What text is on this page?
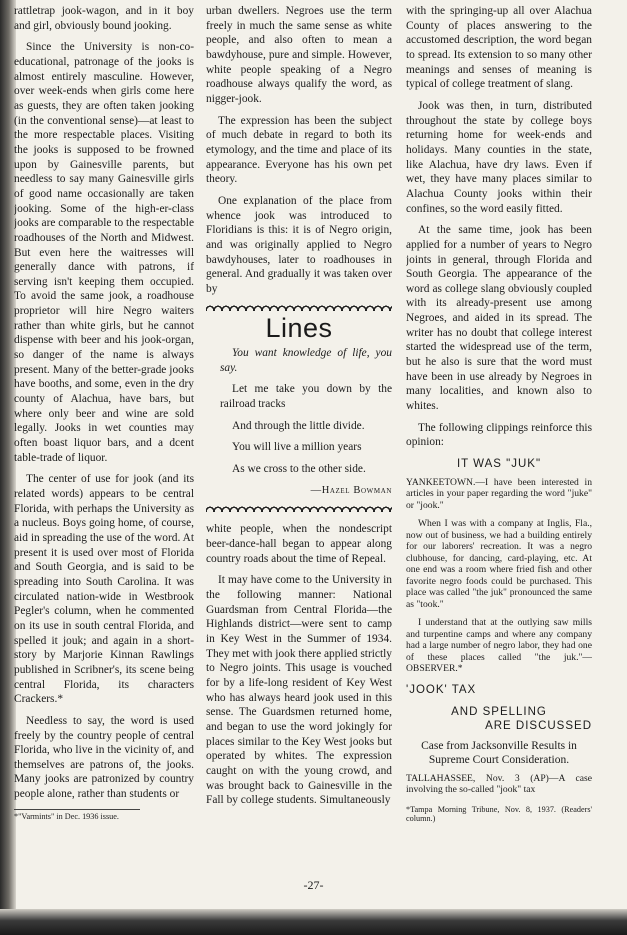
rattletrap jook-wagon, and in it boy and girl, obviously bound jooking.

Since the University is non-co-educational, patronage of the jooks is almost entirely masculine. However, over week-ends when girls come here as guests, they are often taken jooking (in the conventional sense)—at least to the more respectable places. Visiting the jooks is supposed to be frowned upon by Gainesville parents, but needless to say many Gainesville girls of good name occasionally are taken jooking. Some of the high-er-class jooks are comparable to the respectable roadhouses of the North and Midwest. But even here the waitresses will generally dance with patrons, if serving isn't keeping them occupied. To avoid the same jook, a roadhouse proprietor will hire Negro waiters rather than white girls, but he cannot dispense with beer and his jook-organ, so danger of the name is always present. Many of the better-grade jooks have booths, and some, even in the dry county of Alachua, have bars, but where only beer and wine are sold legally. Jooks in wet counties may often boast liquor bars, and a dcent table-trade of liquor.

The center of use for jook (and its related words) appears to be central Florida, with perhaps the University as a nucleus. Boys going home, of course, aid in spreading the use of the word. At present it is used over most of Florida and South Georgia, and is said to be spreading into South Carolina. It was circulated nation-wide in Westbrook Pegler's column, when he commented on its use in south central Florida, and spelled it jouk; and again in a short-story by Marjorie Kinnan Rawlings published in Scribner's, its scene being central Florida, its characters Crackers.*

Needless to say, the word is used freely by the country people of central Florida, who live in the vicinity of, and themselves are patrons of, the jooks. Many jooks are patronized by country people alone, rather than students or

*"Varmints" in Dec. 1936 issue.

urban dwellers. Negroes use the term freely in much the same sense as white people, and also often to mean a bawdyhouse, pure and simple. However, white people speaking of a Negro roadhouse always qualify the word, as nigger-jook.

The expression has been the subject of much debate in regard to both its etymology, and the time and place of its appearance. Everyone has his own pet theory.

One explanation of the place from whence jook was introduced to Floridians is this: it is of Negro origin, and was originally applied to Negro bawdyhouses, later to roadhouses in general. And gradually it was taken over by

Lines

You want knowledge of life, you say.

Let me take you down by the railroad tracks

And through the little divide.

You will live a million years

As we cross to the other side.

—Hazel Bowman

white people, when the nondescript beer-dance-hall began to appear along country roads about the time of Repeal.

It may have come to the University in the following manner: National Guardsman from Central Florida—the Highlands district—were sent to camp in Key West in the Summer of 1934. They met with jook there applied strictly to Negro joints. This usage is vouched for by a life-long resident of Key West who has always heard jook used in this sense. The Guardsmen returned home, and began to use the word jokingly for places similar to the Key West jooks but operated by whites. The expression caught on with the young crowd, and was brought back to Gainesville in the Fall by college students. Simultaneously

with the springing-up all over Alachua County of places answering to the accustomed description, the word began to spread. Its extension to so many other meanings and senses of meaning is typical of college treatment of slang.

Jook was then, in turn, distributed throughout the state by college boys returning home for week-ends and holidays. Many counties in the state, like Alachua, have dry laws. Even if wet, they have many places similar to Alachua County jooks within their confines, so the word easily fitted.

At the same time, jook has been applied for a number of years to Negro joints in general, through Florida and South Georgia. The appearance of the word as college slang obviously coupled with its already-present use among Negroes, and aided in its spread. The writer has no doubt that college interest started the widespread use of the term, but he also is sure that the word must have been in use already by Negroes in many localities, and known also to whites.

The following clippings reinforce this opinion:

IT WAS "JUK"

YANKEETOWN.—I have been interested in articles in your paper regarding the word "juke" or "jook."

When I was with a company at Inglis, Fla., now out of business, we had a building entirely for our laborers' recreation. It was a negro clubhouse, for dancing, card-playing, etc. At one end was a room where fried fish and other favorite negro foods could be purchased. This place was called "the juk" pronounced the same as "took."

I understand that at the outlying saw mills and turpentine camps and where any company had a large number of negro labor, they had one of these places called "the juk."—OBSERVER.*

'JOOK' TAX
AND SPELLING
ARE DISCUSSED
Case from Jacksonville Results in Supreme Court Consideration.

TALLAHASSEE, Nov. 3 (AP)—A case involving the so-called "jook" tax

*Tampa Morning Tribune, Nov. 8, 1937. (Readers' column.)
-27-
